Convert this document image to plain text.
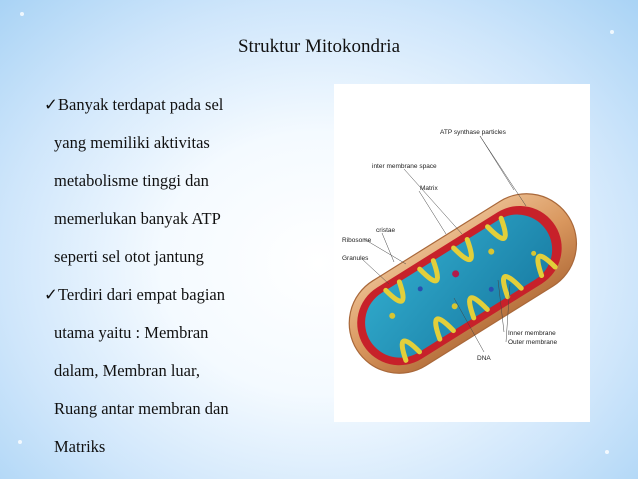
Struktur Mitokondria
✓Banyak terdapat pada sel
yang memiliki aktivitas
metabolisme tinggi dan
memerlukan banyak ATP
seperti sel otot jantung
✓Terdiri dari empat bagian
utama yaitu : Membran
dalam, Membran luar,
Ruang antar membran dan
Matriks
ATP synthase particles
inter membrane space
Matrix
cristae
Ribosome
Granules
Inner membrane
Outer membrane
DNA
